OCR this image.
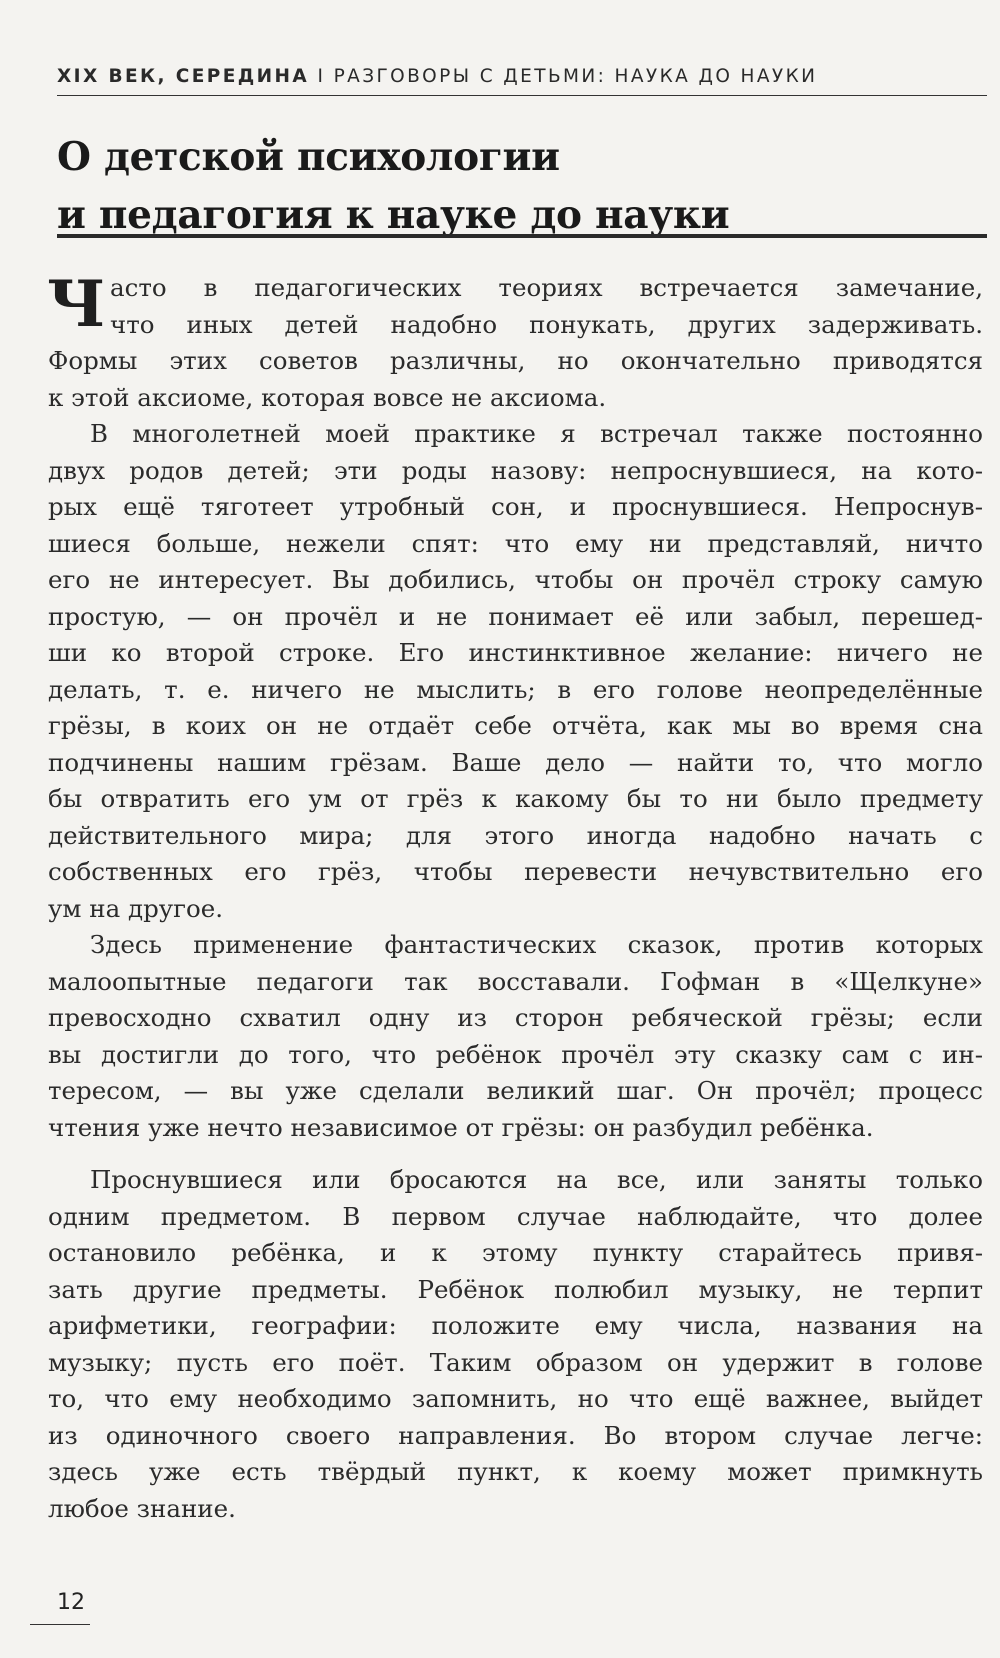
XIX ВЕК, СЕРЕДИНА I РАЗГОВОРЫ С ДЕТЬМИ: НАУКА ДО НАУКИ
О детской психологии
и педагогия к науке до науки
Ч асто в педагогических теориях встречается замечание,
что иных детей надобно понукать, других задерживать.
Формы этих советов различны, но окончательно приводятся
к этой аксиоме, которая вовсе не аксиома.
В многолетней моей практике я встречал также постоянно
двух родов детей; эти роды назову: непроснувшиеся, на кото-
рых ещё тяготеет утробный сон, и проснувшиеся. Непроснув-
шиеся больше, нежели спят: что ему ни представляй, ничто
его не интересует. Вы добились, чтобы он прочёл строку самую
простую, — он прочёл и не понимает её или забыл, перешед-
ши ко второй строке. Его инстинктивное желание: ничего не
делать, т. е. ничего не мыслить; в его голове неопределённые
грёзы, в коих он не отдаёт себе отчёта, как мы во время сна
подчинены нашим грёзам. Ваше дело — найти то, что могло
бы отвратить его ум от грёз к какому бы то ни было предмету
действительного мира; для этого иногда надобно начать с
собственных его грёз, чтобы перевести нечувствительно его
ум на другое.
Здесь применение фантастических сказок, против которых
малоопытные педагоги так восставали. Гофман в «Щелкуне»
превосходно схватил одну из сторон ребяческой грёзы; если
вы достигли до того, что ребёнок прочёл эту сказку сам с ин-
тересом, — вы уже сделали великий шаг. Он прочёл; процесс
чтения уже нечто независимое от грёзы: он разбудил ребёнка.
Проснувшиеся или бросаются на все, или заняты только
одним предметом. В первом случае наблюдайте, что долее
остановило ребёнка, и к этому пункту старайтесь привя-
зать другие предметы. Ребёнок полюбил музыку, не терпит
арифметики, географии: положите ему числа, названия на
музыку; пусть его поёт. Таким образом он удержит в голове
то, что ему необходимо запомнить, но что ещё важнее, выйдет
из одиночного своего направления. Во втором случае легче:
здесь уже есть твёрдый пункт, к коему может примкнуть
любое знание.
12
